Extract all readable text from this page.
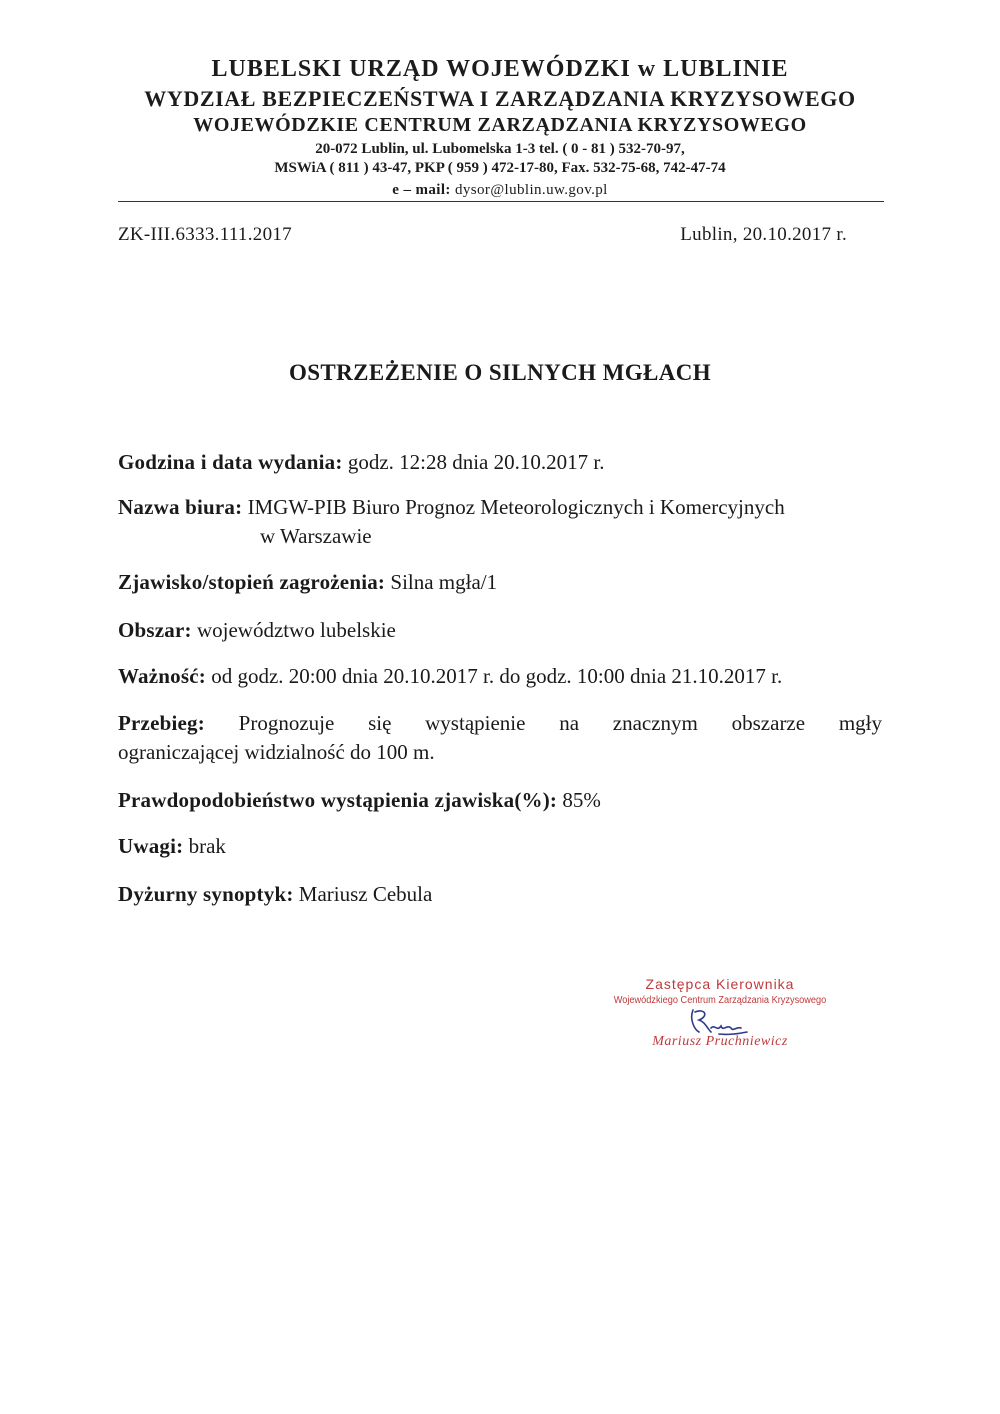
LUBELSKI URZĄD WOJEWÓDZKI w LUBLINIE
WYDZIAŁ BEZPIECZEŃSTWA I ZARZĄDZANIA KRYZYSOWEGO
WOJEWÓDZKIE CENTRUM ZARZĄDZANIA KRYZYSOWEGO
20-072 Lublin, ul. Lubomelska 1-3 tel. ( 0 - 81 ) 532-70-97,
MSWiA ( 811 ) 43-47, PKP ( 959 ) 472-17-80, Fax. 532-75-68, 742-47-74
e – mail: dysor@lublin.uw.gov.pl
ZK-III.6333.111.2017	Lublin, 20.10.2017 r.
OSTRZEŻENIE O SILNYCH MGŁACH
Godzina i data wydania: godz. 12:28 dnia 20.10.2017 r.
Nazwa biura: IMGW-PIB Biuro Prognoz Meteorologicznych i Komercyjnych
w Warszawie
Zjawisko/stopień zagrożenia: Silna mgła/1
Obszar: województwo lubelskie
Ważność: od godz. 20:00 dnia 20.10.2017 r. do godz. 10:00 dnia 21.10.2017 r.
Przebieg: Prognozuje się wystąpienie na znacznym obszarze mgły
ograniczającej widzialność do 100 m.
Prawdopodobieństwo wystąpienia zjawiska(%): 85%
Uwagi: brak
Dyżurny synoptyk: Mariusz Cebula
Zastępca Kierownika
Wojewódzkiego Centrum Zarządzania Kryzysowego
Mariusz Pruchniewicz
